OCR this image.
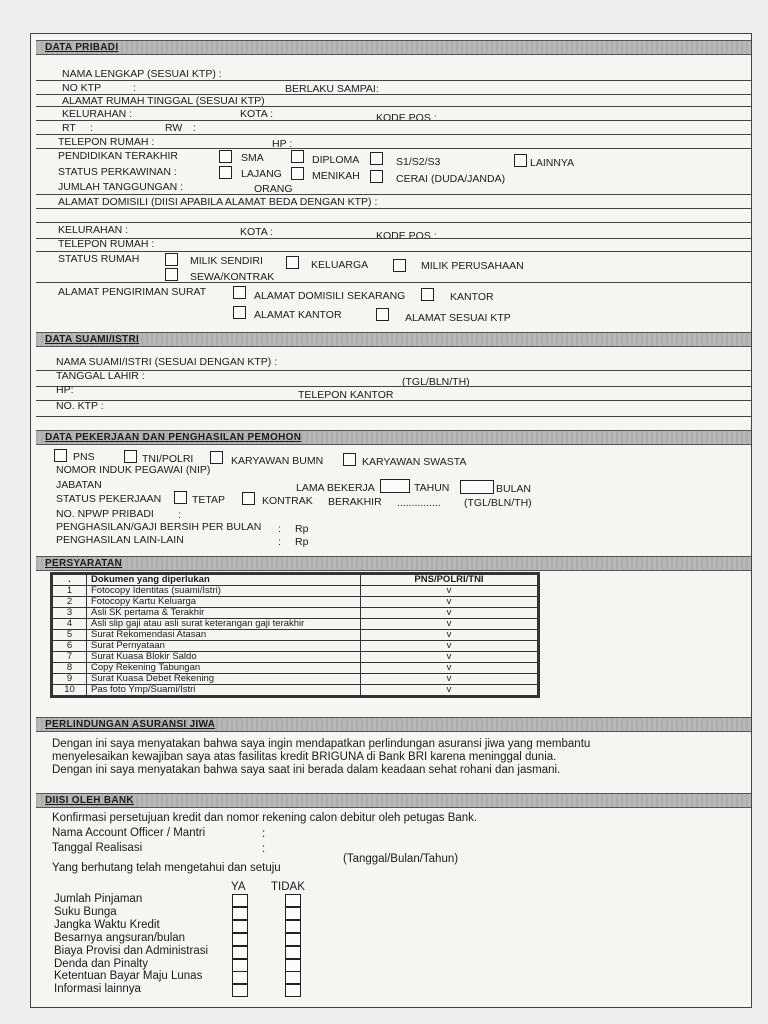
DATA PRIBADI
NAMA LENGKAP (SESUAI KTP) :
NO KTP	:	BERLAKU SAMPAI:
ALAMAT RUMAH TINGGAL (SESUAI KTP)
KELURAHAN :	KOTA :	KODE POS :
RT :	RW :
TELEPON RUMAH :	HP :
PENDIDIKAN TERAKHIR	SMA	DIPLOMA	S1/S2/S3	LAINNYA
STATUS PERKAWINAN :	LAJANG	MENIKAH	CERAI (DUDA/JANDA)
JUMLAH TANGGUNGAN :	ORANG
ALAMAT DOMISILI (DIISI APABILA ALAMAT BEDA DENGAN KTP) :
KELURAHAN :	KOTA :	KODE POS :
TELEPON RUMAH :
STATUS RUMAH	MILIK SENDIRI	KELUARGA	MILIK PERUSAHAAN
SEWA/KONTRAK
ALAMAT PENGIRIMAN SURAT	ALAMAT DOMISILI SEKARANG	KANTOR
ALAMAT KANTOR	ALAMAT SESUAI KTP
DATA SUAMI/ISTRI
NAMA SUAMI/ISTRI (SESUAI DENGAN KTP) :
TANGGAL LAHIR :	(TGL/BLN/TH)
HP:	TELEPON KANTOR
NO. KTP :
DATA PEKERJAAN DAN PENGHASILAN PEMOHON
PNS	TNI/POLRI	KARYAWAN BUMN	KARYAWAN SWASTA
NOMOR INDUK PEGAWAI (NIP)
JABATAN	LAMA BEKERJA	TAHUN	BULAN
STATUS PEKERJAAN	TETAP	KONTRAK BERAKHIR ............... (TGL/BLN/TH)
NO. NPWP PRIBADI :
PENGHASILAN/GAJI BERSIH PER BULAN : Rp
PENGHASILAN LAIN-LAIN	: Rp
PERSYARATAN
.	Dokumen yang diperlukan	PNS/POLRI/TNI
1	Fotocopy Identitas (suami/Istri)	v
2	Fotocopy Kartu Keluarga	v
3	Asli SK pertama & Terakhir	v
4	Asli slip gaji atau asli surat keterangan gaji terakhir	v
5	Surat Rekomendasi Atasan	v
6	Surat Pernyataan	v
7	Surat Kuasa Blokir Saldo	v
8	Copy Rekening Tabungan	v
9	Surat Kuasa Debet Rekening	v
10	Pas foto Ymp/Suami/Istri	v
PERLINDUNGAN ASURANSI JIWA
Dengan ini saya menyatakan bahwa saya ingin mendapatkan perlindungan asuransi jiwa yang membantu menyelesaikan kewajiban saya atas fasilitas kredit BRIGUNA di Bank BRI karena meninggal dunia. Dengan ini saya menyatakan bahwa saya saat ini berada dalam keadaan sehat rohani dan jasmani.
DIISI OLEH BANK
Konfirmasi persetujuan kredit dan nomor rekening calon debitur oleh petugas Bank.
Nama Account Officer / Mantri	:
Tanggal Realisasi	:
(Tanggal/Bulan/Tahun)
Yang berhutang telah mengetahui dan setuju
YA	TIDAK
Jumlah Pinjaman
Suku Bunga
Jangka Waktu Kredit
Besarnya angsuran/bulan
Biaya Provisi dan Administrasi
Denda dan Pinalty
Ketentuan Bayar Maju Lunas
Informasi lainnya
